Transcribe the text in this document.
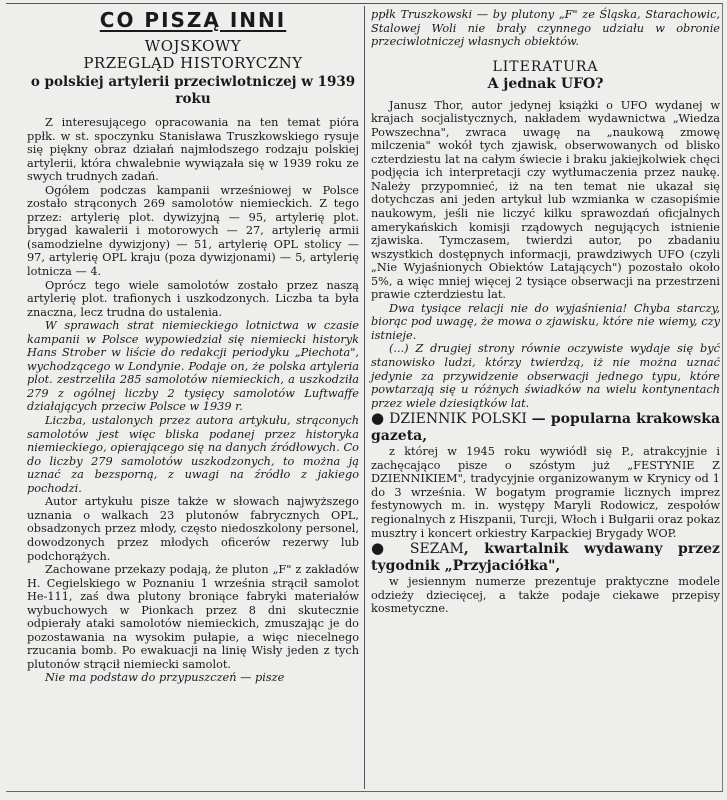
CO PISZĄ INNI
WOJSKOWY
PRZEGLĄD HISTORYCZNY
o polskiej artylerii przeciwlotniczej w 1939 roku

Z interesującego opracowania na ten temat pióra ppłk. w st. spoczynku Stanisława Truszkowskiego rysuje się piękny obraz działań najmłodszego rodzaju polskiej artylerii, która chwalebnie wywiązała się w 1939 roku ze swych trudnych zadań.

Ogółem podczas kampanii wrześniowej w Polsce zostało strąconych 269 samolotów niemieckich. Z tego przez: artylerię plot. dywizyjną — 95, artylerię plot. brygad kawalerii i motorowych — 27, artylerię armii (samodzielne dywizjony) — 51, artylerię OPL stolicy — 97, artylerię OPL kraju (poza dywizjonami) — 5, artylerię lotnicza — 4.

Oprócz tego wiele samolotów zostało przez naszą artylerię plot. trafionych i uszkodzonych. Liczba ta była znaczna, lecz trudna do ustalenia.

W sprawach strat niemieckiego lotnictwa w czasie kampanii w Polsce wypowiedział się niemiecki historyk Hans Strober w liście do redakcji periodyku „Piechota", wychodzącego w Londynie. Podaje on, że polska artyleria plot. zestrzeliła 285 samolotów niemieckich, a uszkodziła 279 z ogólnej liczby 2 tysięcy samolotów Luftwaffe działających przeciw Polsce w 1939 r.

Liczba, ustalonych przez autora artykułu, strąconych samolotów jest więc bliska podanej przez historyka niemieckiego, opierającego się na danych źródłowych. Co do liczby 279 samolotów uszkodzonych, to można ją uznać za bezsporną, z uwagi na źródło z jakiego pochodzi.

Autor artykułu pisze także w słowach najwyższego uznania o walkach 23 plutonów fabrycznych OPL, obsadzonych przez młody, często niedoszkolony personel, dowodzonych przez młodych oficerów rezerwy lub podchorążych.

Zachowane przekazy podają, że pluton „F" z zakładów H. Cegielskiego w Poznaniu 1 września strącił samolot He-111, zaś dwa plutony broniące fabryki materiałów wybuchowych w Pionkach przez 8 dni skutecznie odpierały ataki samolotów niemieckich, zmuszając je do pozostawania na wysokim pułapie, a więc niecelnego rzucania bomb. Po ewakuacji na linię Wisły jeden z tych plutonów strącił niemiecki samolot.

Nie ma podstaw do przypuszczeń — pisze

ppłk Truszkowski — by plutony „F" ze Śląska, Starachowic, Stalowej Woli nie brały czynnego udziału w obronie przeciwlotniczej własnych obiektów.

LITERATURA
A jednak UFO?

Janusz Thor, autor jedynej książki o UFO wydanej w krajach socjalistycznych, nakładem wydawnictwa „Wiedza Powszechna", zwraca uwagę na „naukową zmowę milczenia" wokół tych zjawisk, obserwowanych od blisko czterdziestu lat na całym świecie i braku jakiejkolwiek chęci podjęcia ich interpretacji czy wytłumaczenia przez naukę. Należy przypomnieć, iż na ten temat nie ukazał się dotychczas ani jeden artykuł lub wzmianka w czasopiśmie naukowym, jeśli nie liczyć kilku sprawozdań oficjalnych amerykańskich komisji rządowych negujących istnienie zjawiska. Tymczasem, twierdzi autor, po zbadaniu wszystkich dostępnych informacji, prawdziwych UFO (czyli „Nie Wyjaśnionych Obiektów Latających") pozostało około 5%, a więc mniej więcej 2 tysiące obserwacji na przestrzeni prawie czterdziestu lat.

Dwa tysiące relacji nie do wyjaśnienia! Chyba starczy, biorąc pod uwagę, że mowa o zjawisku, które nie wiemy, czy istnieje.

(...) Z drugiej strony równie oczywiste wydaje się być stanowisko ludzi, którzy twierdzą, iż nie można uznać jedynie za przywidzenie obserwacji jednego typu, które powtarzają się u różnych świadków na wielu kontynentach przez wiele dziesiątków lat.

● DZIENNIK POLSKI — popularna krakowska gazeta,

z której w 1945 roku wywiódł się P., atrakcyjnie i zachęcająco pisze o szóstym już „FESTYNIE Z DZIENNIKIEM", tradycyjnie organizowanym w Krynicy od 1 do 3 września. W bogatym programie licznych imprez festynowych m. in. występy Maryli Rodowicz, zespołów regionalnych z Hiszpanii, Turcji, Włoch i Bułgarii oraz pokaz musztry i koncert orkiestry Karpackiej Brygady WOP.

● SEZAM, kwartalnik wydawany przez tygodnik „Przyjaciółka",

w jesiennym numerze prezentuje praktyczne modele odzieży dziecięcej, a także podaje ciekawe przepisy kosmetyczne.
